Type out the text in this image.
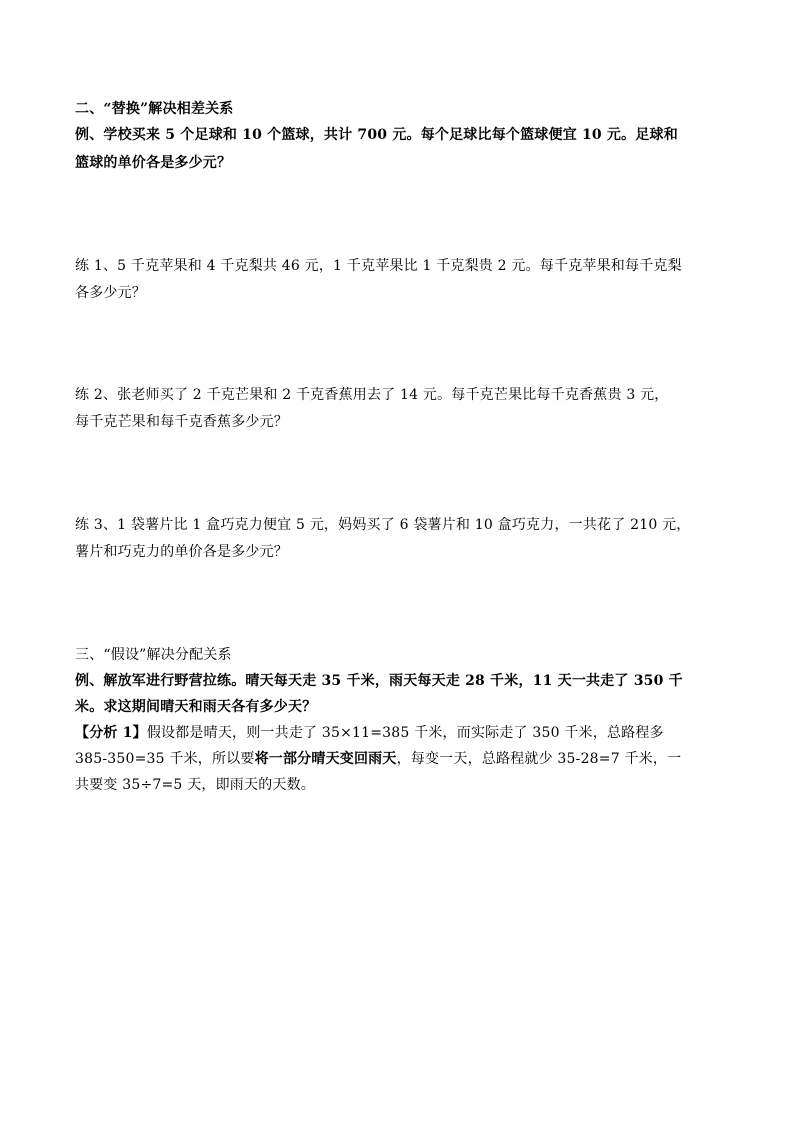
二、“替换”解决相差关系
例、学校买来 5 个足球和 10 个篮球，共计 700 元。每个足球比每个篮球便宜 10 元。足球和
篮球的单价各是多少元？
练 1、5 千克苹果和 4 千克梨共 46 元，1 千克苹果比 1 千克梨贵 2 元。每千克苹果和每千克梨
各多少元？
练 2、张老师买了 2 千克芒果和 2 千克香蕉用去了 14 元。每千克芒果比每千克香蕉贵 3 元，
每千克芒果和每千克香蕉多少元？
练 3、1 袋薯片比 1 盒巧克力便宜 5 元，妈妈买了 6 袋薯片和 10 盒巧克力，一共花了 210 元，
薯片和巧克力的单价各是多少元？
三、“假设”解决分配关系
例、解放军进行野营拉练。晴天每天走 35 千米，雨天每天走 28 千米，11 天一共走了 350 千
米。求这期间晴天和雨天各有多少天？
【分析 1】假设都是晴天，则一共走了 35×11=385 千米，而实际走了 350 千米，总路程多
385-350=35 千米，所以要将一部分晴天变回雨天，每变一天，总路程就少 35-28=7 千米，一
共要变 35÷7=5 天，即雨天的天数。
